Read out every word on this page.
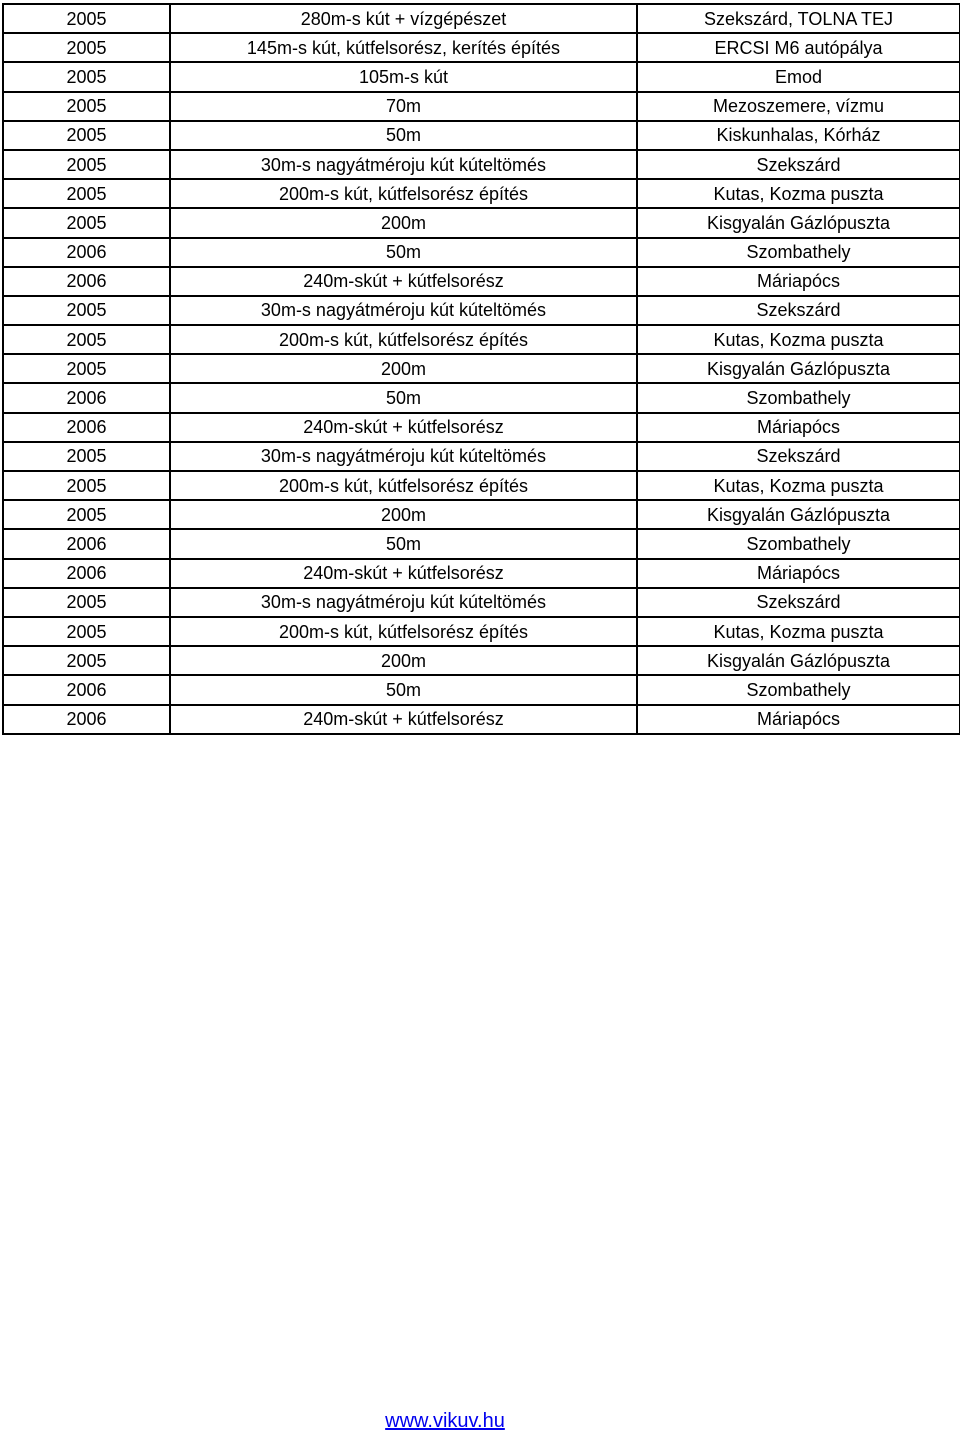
2005	280m-s kút + vízgépészet	Szekszárd, TOLNA TEJ
2005	145m-s kút, kútfelsorész, kerítés építés	ERCSI M6 autópálya
2005	105m-s kút	Emod
2005	70m	Mezoszemere, vízmu
2005	50m	Kiskunhalas, Kórház
2005	30m-s nagyátméroju kút kúteltömés	Szekszárd
2005	200m-s kút, kútfelsorész építés	Kutas, Kozma puszta
2005	200m	Kisgyalán Gázlópuszta
2006	50m	Szombathely
2006	240m-skút + kútfelsorész	Máriapócs
2005	30m-s nagyátméroju kút kúteltömés	Szekszárd
2005	200m-s kút, kútfelsorész építés	Kutas, Kozma puszta
2005	200m	Kisgyalán Gázlópuszta
2006	50m	Szombathely
2006	240m-skút + kútfelsorész	Máriapócs
2005	30m-s nagyátméroju kút kúteltömés	Szekszárd
2005	200m-s kút, kútfelsorész építés	Kutas, Kozma puszta
2005	200m	Kisgyalán Gázlópuszta
2006	50m	Szombathely
2006	240m-skút + kútfelsorész	Máriapócs
2005	30m-s nagyátméroju kút kúteltömés	Szekszárd
2005	200m-s kút, kútfelsorész építés	Kutas, Kozma puszta
2005	200m	Kisgyalán Gázlópuszta
2006	50m	Szombathely
2006	240m-skút + kútfelsorész	Máriapócs
www.vikuv.hu
